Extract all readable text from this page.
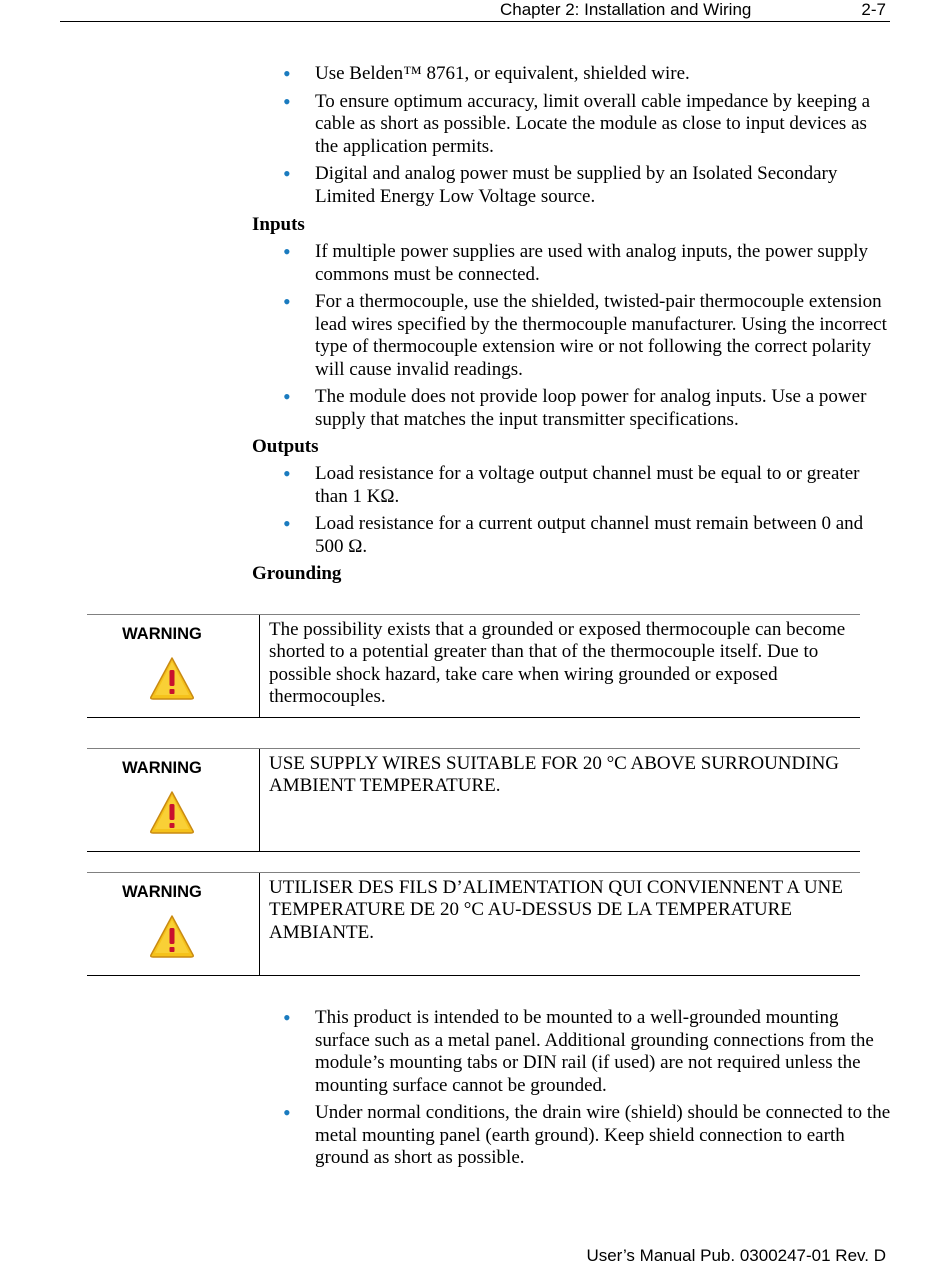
Chapter 2: Installation and Wiring	2-7
• Use Belden™ 8761, or equivalent, shielded wire.
• To ensure optimum accuracy, limit overall cable impedance by keeping a cable as short as possible. Locate the module as close to input devices as the application permits.
• Digital and analog power must be supplied by an Isolated Secondary Limited Energy Low Voltage source.
Inputs
• If multiple power supplies are used with analog inputs, the power supply commons must be connected.
• For a thermocouple, use the shielded, twisted-pair thermocouple extension lead wires specified by the thermocouple manufacturer. Using the incorrect type of thermocouple extension wire or not following the correct polarity will cause invalid readings.
• The module does not provide loop power for analog inputs. Use a power supply that matches the input transmitter specifications.
Outputs
• Load resistance for a voltage output channel must be equal to or greater than 1 KΩ.
• Load resistance for a current output channel must remain between 0 and 500 Ω.
Grounding
WARNING	The possibility exists that a grounded or exposed thermocouple can become shorted to a potential greater than that of the thermocouple itself. Due to possible shock hazard, take care when wiring grounded or exposed thermocouples.
WARNING	USE SUPPLY WIRES SUITABLE FOR 20 °C ABOVE SURROUNDING AMBIENT TEMPERATURE.
WARNING	UTILISER DES FILS D’ALIMENTATION QUI CONVIENNENT A UNE TEMPERATURE DE 20 °C AU-DESSUS DE LA TEMPERATURE AMBIANTE.
• This product is intended to be mounted to a well-grounded mounting surface such as a metal panel. Additional grounding connections from the module’s mounting tabs or DIN rail (if used) are not required unless the mounting surface cannot be grounded.
• Under normal conditions, the drain wire (shield) should be connected to the metal mounting panel (earth ground). Keep shield connection to earth ground as short as possible.
User’s Manual Pub. 0300247-01 Rev. D
